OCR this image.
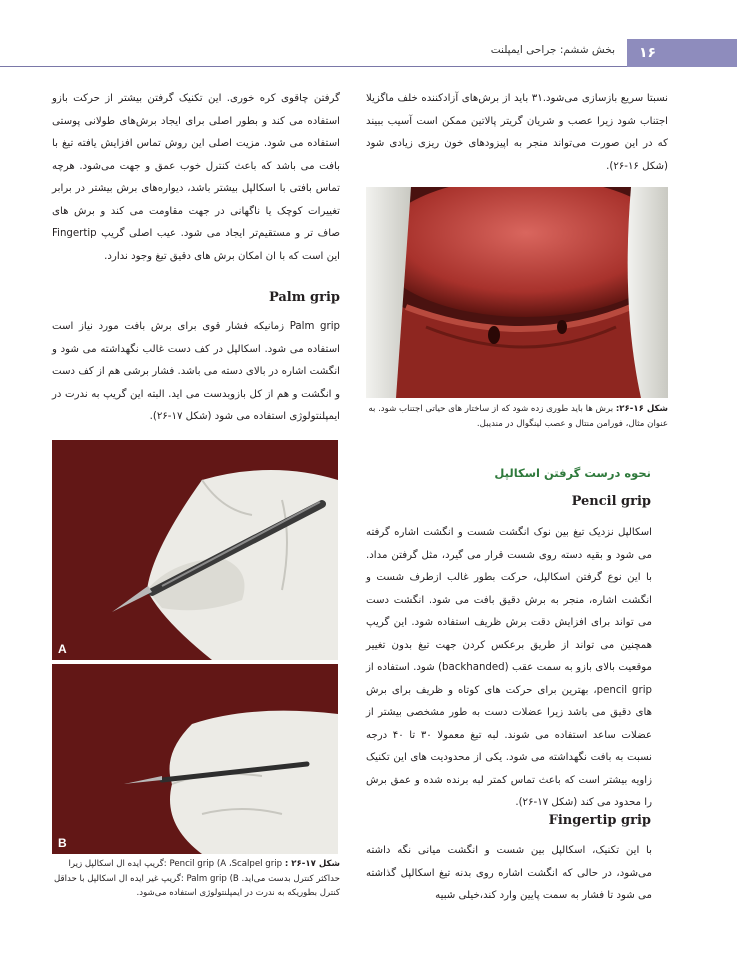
۱۶
بخش ششم: جراحی ایمپلنت

نسبتا سریع بازسازی می‌شود.۳۱ باید از برش‌های آزادکننده خلف ماگزیلا اجتناب شود زیرا عصب و شریان گریتر پالاتین ممکن است آسیب ببیند که در این صورت می‌تواند منجر به اپیزودهای خون ریزی زیادی شود (شکل ۱۶-۲۶).

شکل ۱۶-۲۶: برش ها باید طوری زده شود که از ساختار های حیاتی اجتناب شود. به عنوان مثال، فورامن منتال و عصب لینگوال در منديبل.
نحوه درست گرفتن اسکالپل
Pencil grip

اسکالپل نزدیک تیغ بین نوک انگشت شست و انگشت اشاره گرفته می شود و بقیه دسته روی شست قرار می گیرد، مثل گرفتن مداد. با این نوع گرفتن اسکالپل، حرکت بطور غالب ازطرف شست و انگشت اشاره، منجر به برش دقیق بافت می شود. انگشت دست می تواند برای افزایش دقت برش ظریف استفاده شود. این گریپ همچنین می تواند از طریق برعکس کردن جهت تیغ بدون تغییر موقعیت بالای بازو به سمت عقب (backhanded) شود. استفاده از pencil grip، بهترین برای حرکت های کوتاه و ظریف برای برش های دقیق می باشد زیرا عضلات دست به طور مشخصی بیشتر از عضلات ساعد استفاده می شوند. لبه تیغ معمولا ۳۰ تا ۴۰ درجه نسبت به بافت نگهداشته می شود. یکی از محدودیت های این تکنیک زاویه بیشتر است که باعث تماس کمتر لبه برنده شده و عمق برش را محدود می کند (شکل ۱۷-۲۶).

Fingertip grip

با این تکنیک، اسکالپل بین شست و انگشت میانی نگه داشته می‌شود، در حالی که انگشت اشاره روی بدنه تیغ اسکالپل گذاشته می شود تا فشار به سمت پایین وارد کند،خیلی شبیه

گرفتن چاقوی کره خوری. این تکنیک گرفتن بیشتر از حرکت بازو استفاده می کند و بطور اصلی برای ایجاد برش‌های طولانی پوستی استفاده می شود. مزیت اصلی این روش تماس افزایش یافته تیغ با بافت می باشد که باعث کنترل خوب عمق و جهت می‌شود. هرچه تماس بافتی با اسکالپل بیشتر باشد، دیواره‌های برش بیشتر در برابر تغییرات کوچک یا ناگهانی در جهت مقاومت می کند و برش های صاف تر و مستقیم‌تر ایجاد می شود. عیب اصلی گریپ Fingertip این است که با ان امکان برش های دقیق تیغ وجود ندارد.

Palm grip

Palm grip زمانیکه فشار قوی برای برش بافت مورد نیاز است استفاده می شود. اسکالپل در کف دست غالب نگهداشته می شود و انگشت اشاره در بالای دسته می باشد. فشار برشی هم از کف دست و انگشت و هم از کل بازوبدست می اید. البته این گریپ به ندرت در ایمپلنتولوژی استفاده می شود (شکل ۱۷-۲۶).

A
B
شکل ۱۷-۲۶ : Pencil grip (A ،Scalpel grip :گریپ ایده ال اسکالپل زیرا حداکثر کنترل بدست می‌اید. Palm grip (B :گریپ غیر ایده ال اسکالپل با حداقل کنترل بطوریکه به ندرت در ایمپلنتولوژی استفاده می‌شود.
